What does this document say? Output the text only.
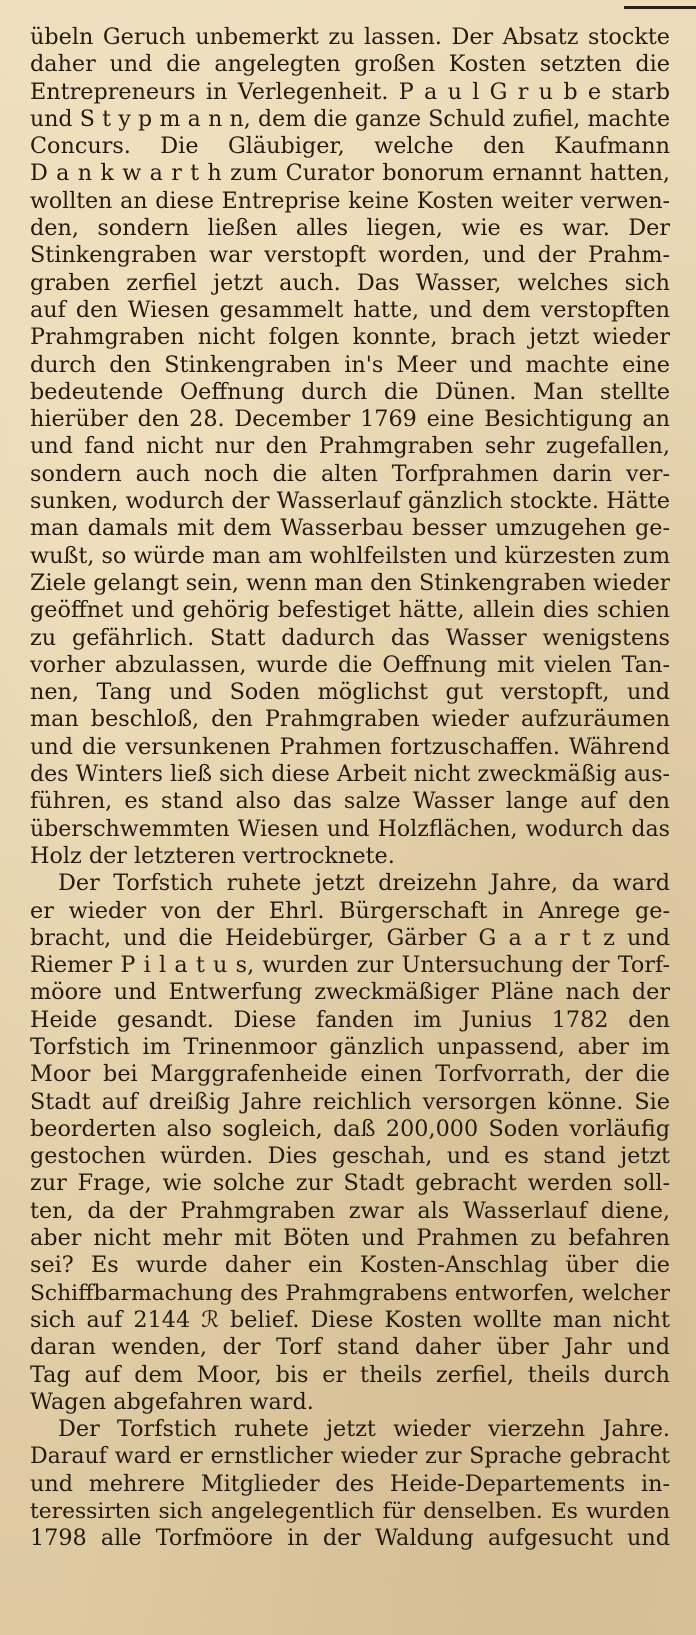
übeln Geruch unbemerkt zu lassen. Der Absatz stockte
daher und die angelegten großen Kosten setzten die
Entrepreneurs in Verlegenheit. P a u l G r u b e starb
und S t y p m a n n, dem die ganze Schuld zufiel, machte
Concurs. Die Gläubiger, welche den Kaufmann
D a n k w a r t h zum Curator bonorum ernannt hatten,
wollten an diese Entreprise keine Kosten weiter verwen-
den, sondern ließen alles liegen, wie es war. Der
Stinkengraben war verstopft worden, und der Prahm-
graben zerfiel jetzt auch. Das Wasser, welches sich
auf den Wiesen gesammelt hatte, und dem verstopften
Prahmgraben nicht folgen konnte, brach jetzt wieder
durch den Stinkengraben in's Meer und machte eine
bedeutende Oeffnung durch die Dünen. Man stellte
hierüber den 28. December 1769 eine Besichtigung an
und fand nicht nur den Prahmgraben sehr zugefallen,
sondern auch noch die alten Torfprahmen darin ver-
sunken, wodurch der Wasserlauf gänzlich stockte. Hätte
man damals mit dem Wasserbau besser umzugehen ge-
wußt, so würde man am wohlfeilsten und kürzesten zum
Ziele gelangt sein, wenn man den Stinkengraben wieder
geöffnet und gehörig befestiget hätte, allein dies schien
zu gefährlich. Statt dadurch das Wasser wenigstens
vorher abzulassen, wurde die Oeffnung mit vielen Tan-
nen, Tang und Soden möglichst gut verstopft, und
man beschloß, den Prahmgraben wieder aufzuräumen
und die versunkenen Prahmen fortzuschaffen. Während
des Winters ließ sich diese Arbeit nicht zweckmäßig aus-
führen, es stand also das salze Wasser lange auf den
überschwemmten Wiesen und Holzflächen, wodurch das
Holz der letzteren vertrocknete.
Der Torfstich ruhete jetzt dreizehn Jahre, da ward
er wieder von der Ehrl. Bürgerschaft in Anrege ge-
bracht, und die Heidebürger, Gärber G a a r t z und
Riemer P i l a t u s, wurden zur Untersuchung der Torf-
möore und Entwerfung zweckmäßiger Pläne nach der
Heide gesandt. Diese fanden im Junius 1782 den
Torfstich im Trinenmoor gänzlich unpassend, aber im
Moor bei Marggrafenheide einen Torfvorrath, der die
Stadt auf dreißig Jahre reichlich versorgen könne. Sie
beorderten also sogleich, daß 200,000 Soden vorläufig
gestochen würden. Dies geschah, und es stand jetzt
zur Frage, wie solche zur Stadt gebracht werden soll-
ten, da der Prahmgraben zwar als Wasserlauf diene,
aber nicht mehr mit Böten und Prahmen zu befahren
sei? Es wurde daher ein Kosten-Anschlag über die
Schiffbarmachung des Prahmgrabens entworfen, welcher
sich auf 2144 ℛ belief. Diese Kosten wollte man nicht
daran wenden, der Torf stand daher über Jahr und
Tag auf dem Moor, bis er theils zerfiel, theils durch
Wagen abgefahren ward.
Der Torfstich ruhete jetzt wieder vierzehn Jahre.
Darauf ward er ernstlicher wieder zur Sprache gebracht
und mehrere Mitglieder des Heide-Departements in-
teressirten sich angelegentlich für denselben. Es wurden
1798 alle Torfmöore in der Waldung aufgesucht und
